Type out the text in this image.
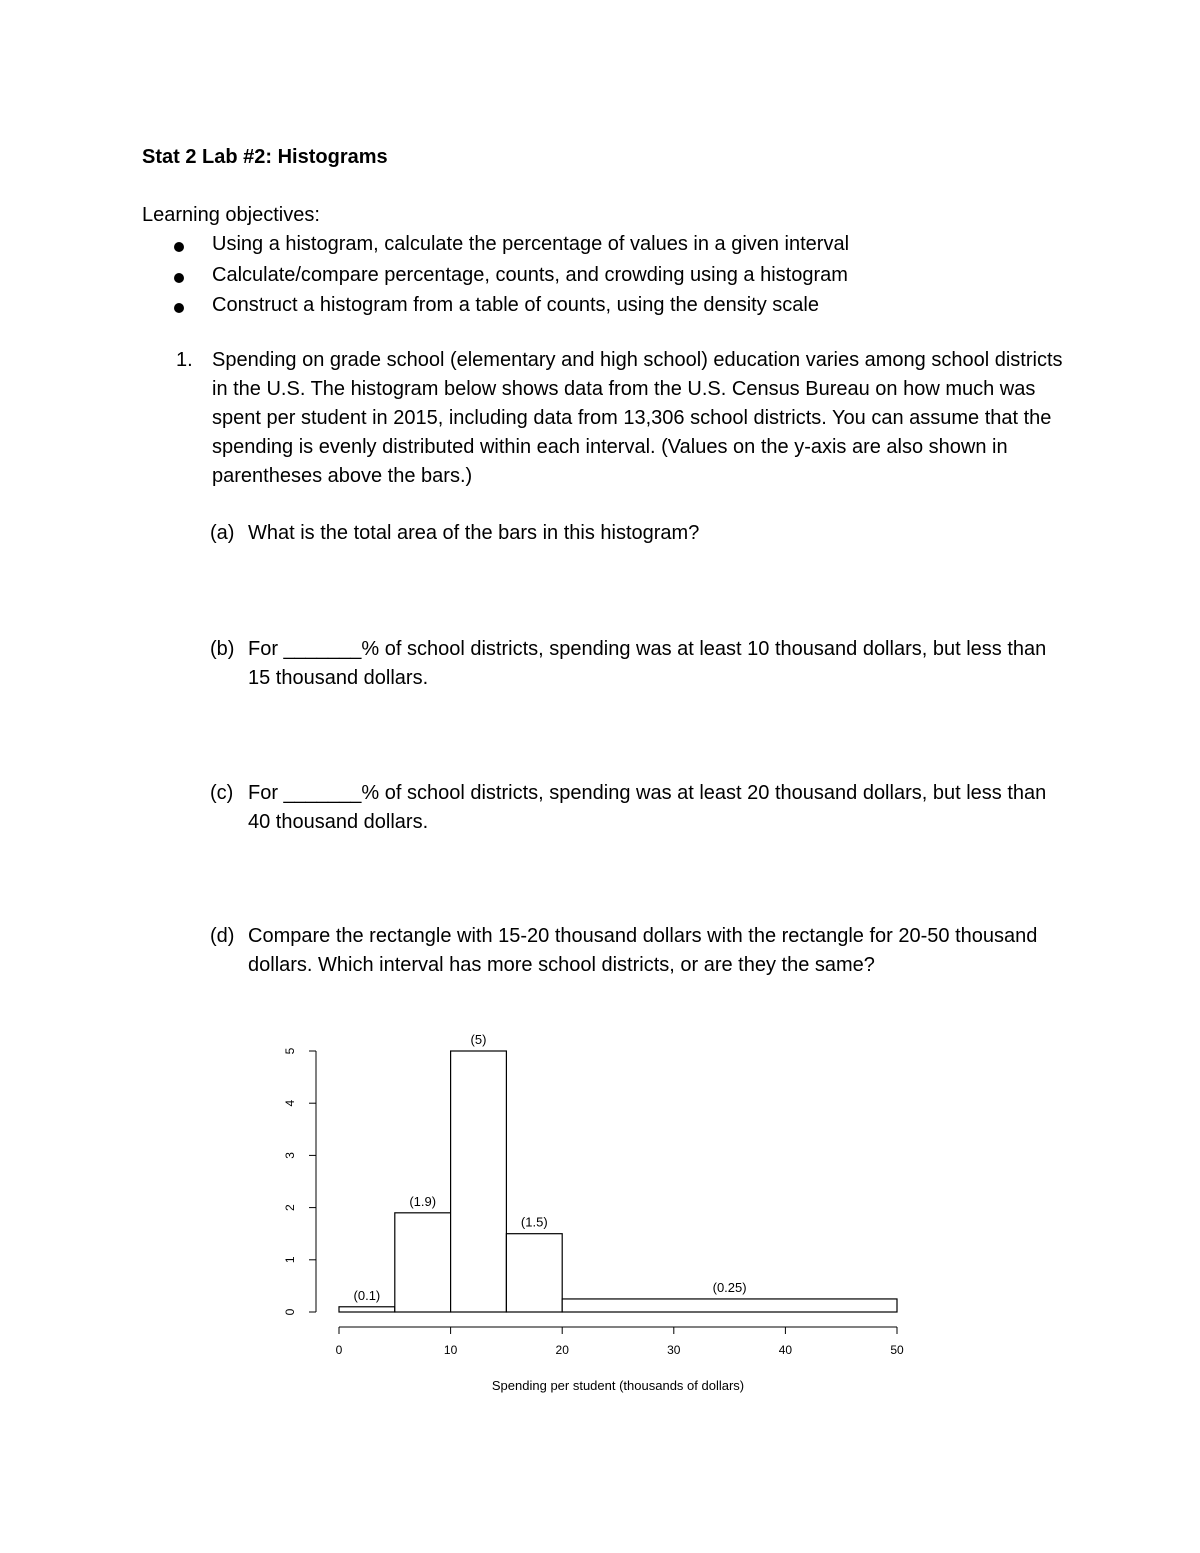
Stat 2 Lab #2: Histograms
Learning objectives:
Using a histogram, calculate the percentage of values in a given interval
Calculate/compare percentage, counts, and crowding using a histogram
Construct a histogram from a table of counts, using the density scale
1. Spending on grade school (elementary and high school) education varies among school districts in the U.S. The histogram below shows data from the U.S. Census Bureau on how much was spent per student in 2015, including data from 13,306 school districts. You can assume that the spending is evenly distributed within each interval. (Values on the y-axis are also shown in parentheses above the bars.)
(a) What is the total area of the bars in this histogram?
(b) For _______% of school districts, spending was at least 10 thousand dollars, but less than 15 thousand dollars.
(c) For _______% of school districts, spending was at least 20 thousand dollars, but less than 40 thousand dollars.
(d) Compare the rectangle with 15-20 thousand dollars with the rectangle for 20-50 thousand dollars. Which interval has more school districts, or are they the same?
(0.1)
(1.9)
(5)
(1.5)
(0.25)
0
1
2
3
4
5
0	10	20	30	40	50
Spending per student (thousands of dollars)
